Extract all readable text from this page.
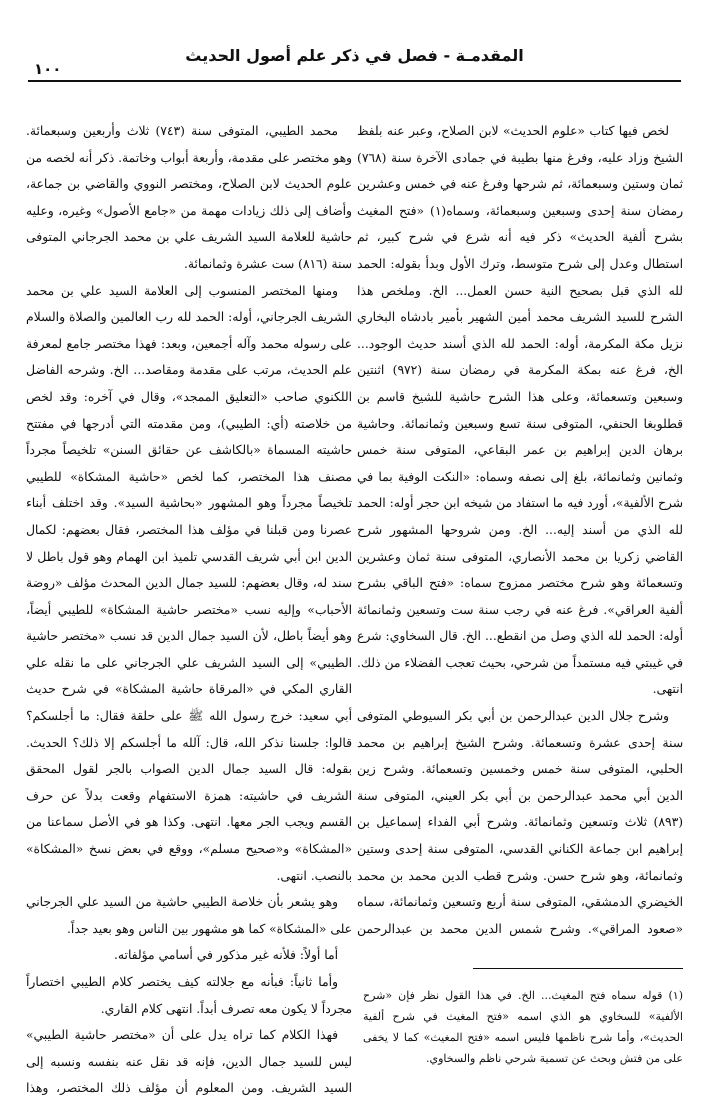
المقدمـة - فصل في ذكر علم أصول الحديث
١٠٠

لخص فيها كتاب «علوم الحديث» لابن الصلاح، وعبر عنه بلفظ الشيخ وزاد عليه، وفرغ منها بطيبة في جمادى الآخرة سنة (٧٦٨) ثمان وستين وسبعمائة، ثم شرحها وفرغ عنه في خمس وعشرين رمضان سنة إحدى وسبعين وسبعمائة، وسماه(١) «فتح المغيث بشرح ألفية الحديث» ذكر فيه أنه شرع في شرح كبير، ثم استطال وعدل إلى شرح متوسط، وترك الأول وبدأ بقوله: الحمد لله الذي قبل بصحيح النية حسن العمل... الخ. وملخص هذا الشرح للسيد الشريف محمد أمين الشهير بأمير بادشاه البخاري نزيل مكة المكرمة، أوله: الحمد لله الذي أسند حديث الوجود... الخ، فرغ عنه بمكة المكرمة في رمضان سنة (٩٧٢) اثنتين وسبعين وتسعمائة، وعلى هذا الشرح حاشية للشيخ قاسم بن قطلوبغا الحنفي، المتوفى سنة تسع وسبعين وثمانمائة. وحاشية برهان الدين إبراهيم بن عمر البقاعي، المتوفى سنة خمس وثمانين وثمانمائة، بلغ إلى نصفه وسماه: «النكت الوفية بما في شرح الألفية»، أورد فيه ما استفاد من شيخه ابن حجر أوله: الحمد لله الذي من أسند إليه... الخ. ومن شروحها المشهور شرح القاضي زكريا بن محمد الأنصاري، المتوفى سنة ثمان وعشرين وتسعمائة وهو شرح مختصر ممزوج سماه: «فتح الباقي بشرح ألفية العراقي». فرغ عنه في رجب سنة ست وتسعين وثمانمائة أوله: الحمد لله الذي وصل من انقطع... الخ. قال السخاوي: شرع في غيبتي فيه مستمداً من شرحي، بحيث تعجب الفضلاء من ذلك. انتهى.

وشرح جلال الدين عبدالرحمن بن أبي بكر السيوطي المتوفى سنة إحدى عشرة وتسعمائة. وشرح الشيخ إبراهيم بن محمد الحلبي، المتوفى سنة خمس وخمسين وتسعمائة. وشرح زين الدين أبي محمد عبدالرحمن بن أبي بكر العيني، المتوفى سنة (٨٩٣) ثلاث وتسعين وثمانمائة. وشرح أبي الفداء إسماعيل بن إبراهيم ابن جماعة الكناني القدسي، المتوفى سنة إحدى وستين وثمانمائة، وهو شرح حسن. وشرح قطب الدين محمد بن محمد الخيضري الدمشقي، المتوفى سنة أربع وتسعين وثمانمائة، سماه «صعود المراقي». وشرح شمس الدين محمد بن عبدالرحمن

محمد الطيبي، المتوفى سنة (٧٤٣) ثلاث وأربعين وسبعمائة. وهو مختصر على مقدمة، وأربعة أبواب وخاتمة. ذكر أنه لخصه من علوم الحديث لابن الصلاح، ومختصر النووي والقاضي بن جماعة، وأضاف إلى ذلك زيادات مهمة من «جامع الأصول» وغيره، وعليه حاشية للعلامة السيد الشريف علي بن محمد الجرجاني المتوفى سنة (٨١٦) ست عشرة وثمانمائة.

ومنها المختصر المنسوب إلى العلامة السيد علي بن محمد الشريف الجرجاني، أوله: الحمد لله رب العالمين والصلاة والسلام على رسوله محمد وآله أجمعين، وبعد: فهذا مختصر جامع لمعرفة علم الحديث، مرتب على مقدمة ومقاصد... الخ. وشرحه الفاضل اللكنوي صاحب «التعليق الممجد»، وقال في آخره: وقد لخص من خلاصته (أي: الطيبي)، ومن مقدمته التي أدرجها في مفتتح حاشيته المسماة «بالكاشف عن حقائق السنن» تلخيصاً مجرداً مصنف هذا المختصر، كما لخص «حاشية المشكاة» للطيبي تلخيصاً مجرداً وهو المشهور «بحاشية السيد». وقد اختلف أبناء عصرنا ومن قبلنا في مؤلف هذا المختصر، فقال بعضهم: لكمال الدين ابن أبي شريف القدسي تلميذ ابن الهمام وهو قول باطل لا سند له، وقال بعضهم: للسيد جمال الدين المحدث مؤلف «روضة الأحباب» وإليه نسب «مختصر حاشية المشكاة» للطيبي أيضاً، وهو أيضاً باطل، لأن السيد جمال الدين قد نسب «مختصر حاشية الطيبي» إلى السيد الشريف علي الجرجاني على ما نقله علي القاري المكي في «المرقاة حاشية المشكاة» في شرح حديث أبي سعيد: خرج رسول الله ﷺ على حلقة فقال: ما أجلسكم؟ قالوا: جلسنا نذكر الله، قال: آلله ما أجلسكم إلا ذلك؟ الحديث. بقوله: قال السيد جمال الدين الصواب بالجر لقول المحقق الشريف في حاشيته: همزة الاستفهام وقعت بدلاً عن حرف القسم ويجب الجر معها. انتهى. وكذا هو في الأصل سماعنا من «المشكاة» و«صحيح مسلم»، ووقع في بعض نسخ «المشكاة» بالنصب. انتهى.

وهو يشعر بأن خلاصة الطيبي حاشية من السيد علي الجرجاني على «المشكاة» كما هو مشهور بين الناس وهو بعيد جداً.

أما أولاً: فلأنه غير مذكور في أسامي مؤلفاته.

وأما ثانياً: فبأنه مع جلالته كيف يختصر كلام الطيبي اختصاراً مجرداً لا يكون معه تصرف أبداً. انتهى كلام القاري.

فهذا الكلام كما تراه يدل على أن «مختصر حاشية الطيبي» ليس للسيد جمال الدين، فإنه قد نقل عنه بنفسه ونسبه إلى السيد الشريف. ومن المعلوم أن مؤلف ذلك المختصر، وهذا

(١) قوله سماه فتح المغيث... الخ. في هذا القول نظر فإن «شرح الألفية» للسخاوي هو الذي اسمه «فتح المغيث في شرح ألفية الحديث»، وأما شرح ناظمها فليس اسمه «فتح المغيث» كما لا يخفى على من فتش وبحث عن تسمية شرحي ناظم والسخاوي.
